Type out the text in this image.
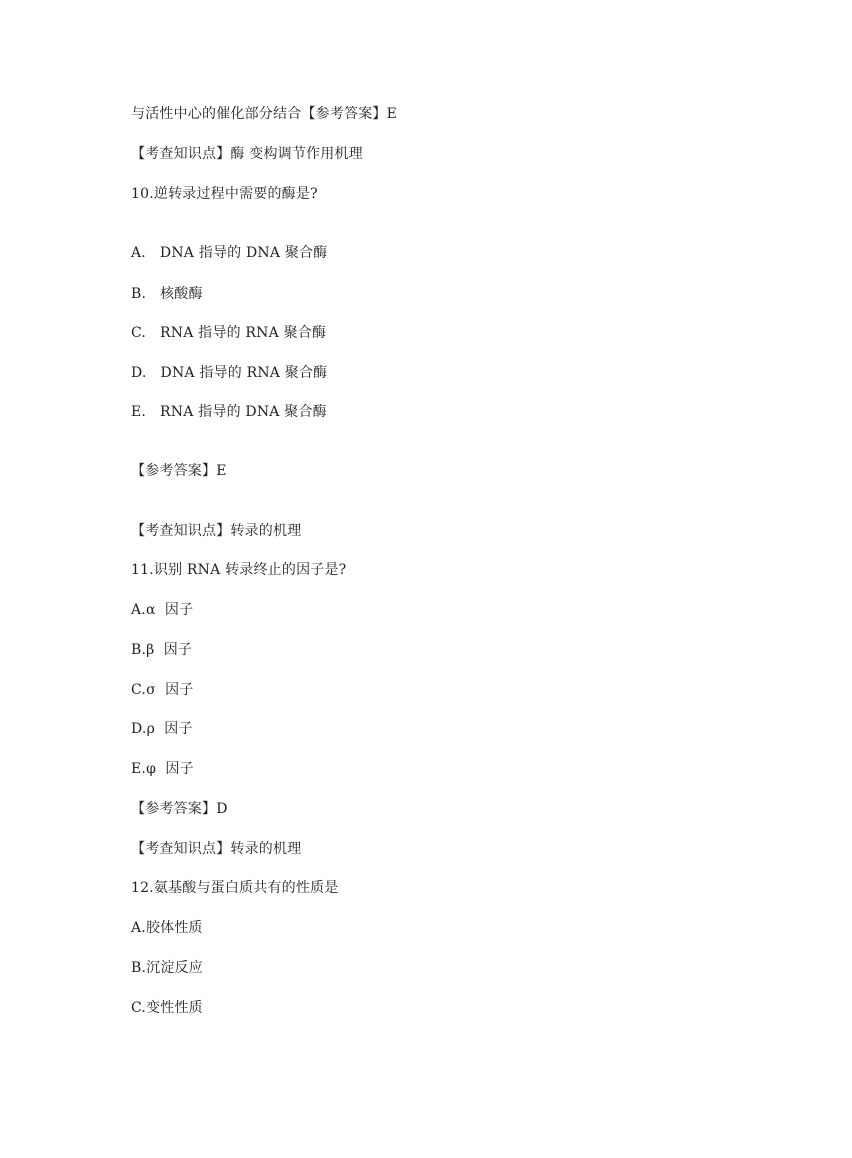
与活性中心的催化部分结合【参考答案】E
【考查知识点】酶 变构调节作用机理
10.逆转录过程中需要的酶是?
A.   DNA 指导的 DNA 聚合酶
B.   核酸酶
C.   RNA 指导的 RNA 聚合酶
D.   DNA 指导的 RNA 聚合酶
E.   RNA 指导的 DNA 聚合酶
【参考答案】E
【考查知识点】转录的机理
11.识别 RNA 转录终止的因子是?
A.α  因子
B.β  因子
C.σ  因子
D.ρ  因子
E.φ  因子
【参考答案】D
【考查知识点】转录的机理
12.氨基酸与蛋白质共有的性质是
A.胶体性质
B.沉淀反应
C.变性性质
